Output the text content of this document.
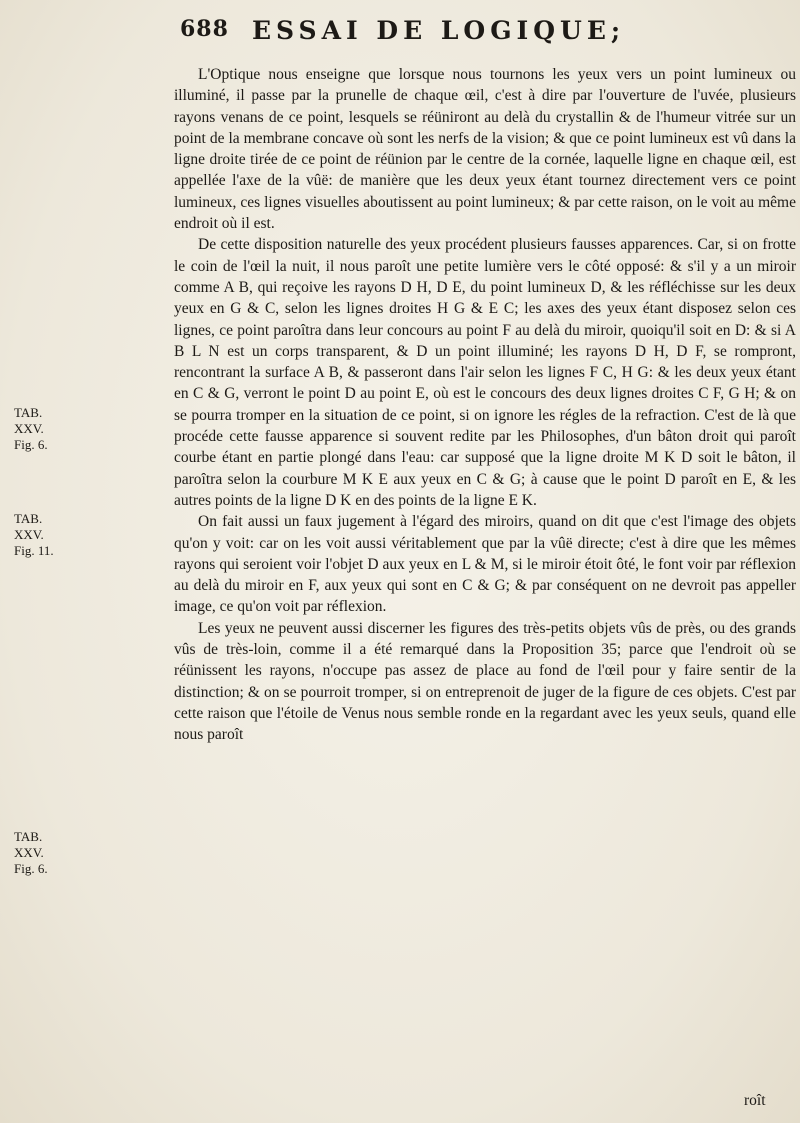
688 ESSAI DE LOGIQUE;

L'Optique nous enseigne que lorsque nous tournons les yeux vers un point lumineux ou illuminé, il passe par la prunelle de chaque œil, c'est à dire par l'ouverture de l'uvée, plusieurs rayons venans de ce point, lesquels se réüniront au delà du crystallin & de l'humeur vitrée sur un point de la membrane concave où sont les nerfs de la vision; & que ce point lumineux est vû dans la ligne droite tirée de ce point de réünion par le centre de la cornée, laquelle ligne en chaque œil, est appellée l'axe de la vûë: de manière que les deux yeux étant tournez directement vers ce point lumineux, ces lignes visuelles aboutissent au point lumineux; & par cette raison, on le voit au même endroit où il est.

De cette disposition naturelle des yeux procédent plusieurs fausses apparences. Car, si on frotte le coin de l'œil la nuit, il nous paroît une petite lumière vers le côté opposé: & s'il y a un miroir comme A B, qui reçoive les rayons D H, D E, du point lumineux D, & les réfléchisse sur les deux yeux en G & C, selon les lignes droites H G & E C; les axes des yeux étant disposez selon ces lignes, ce point paroîtra dans leur concours au point F au delà du miroir, quoiqu'il soit en D: & si A B L N est un corps transparent, & D un point illuminé; les rayons D H, D F, se rompront, rencontrant la surface A B, & passeront dans l'air selon les lignes F C, H G: & les deux yeux étant en C & G, verront le point D au point E, où est le concours des deux lignes droites C F, G H; & on se pourra tromper en la situation de ce point, si on ignore les régles de la refraction. C'est de là que procéde cette fausse apparence si souvent redite par les Philosophes, d'un bâton droit qui paroît courbe étant en partie plongé dans l'eau: car supposé que la ligne droite M K D soit le bâton, il paroîtra selon la courbure M K E aux yeux en C & G; à cause que le point D paroît en E, & les autres points de la ligne D K en des points de la ligne E K.

On fait aussi un faux jugement à l'égard des miroirs, quand on dit que c'est l'image des objets qu'on y voit: car on les voit aussi véritablement que par la vûë directe; c'est à dire que les mêmes rayons qui seroient voir l'objet D aux yeux en L & M, si le miroir étoit ôté, le font voir par réflexion au delà du miroir en F, aux yeux qui sont en C & G; & par conséquent on ne devroit pas appeller image, ce qu'on voit par réflexion.

Les yeux ne peuvent aussi discerner les figures des très-petits objets vûs de près, ou des grands vûs de très-loin, comme il a été remarqué dans la Proposition 35; parce que l'endroit où se réünissent les rayons, n'occupe pas assez de place au fond de l'œil pour y faire sentir de la distinction; & on se pourroit tromper, si on entreprenoit de juger de la figure de ces objets. C'est par cette raison que l'étoile de Venus nous semble ronde en la regardant avec les yeux seuls, quand elle nous paroît

TAB.
XXV.
Fig. 6.
TAB.
XXV.
Fig. 11.
TAB.
XXV.
Fig. 6.
roît
